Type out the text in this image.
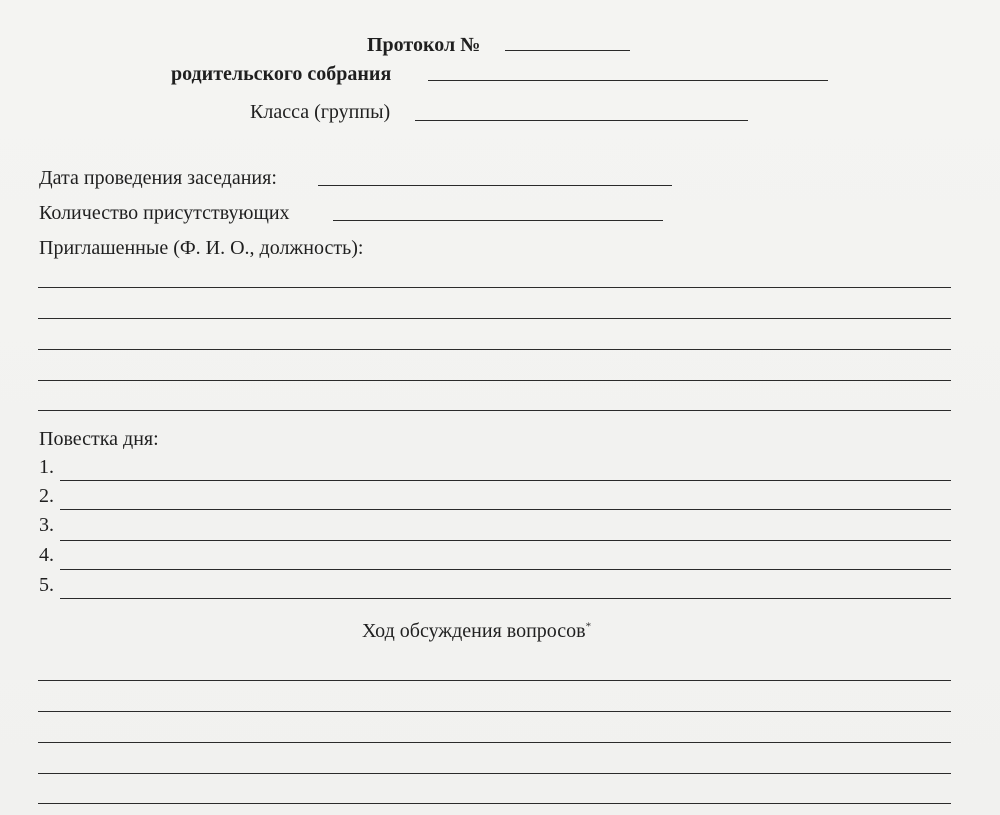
Протокол №
родительского собрания
Класса (группы)
Дата проведения заседания:
Количество присутствующих
Приглашенные (Ф. И. О., должность):
Повестка дня:
1.
2.
3.
4.
5.
Ход обсуждения вопросов*
